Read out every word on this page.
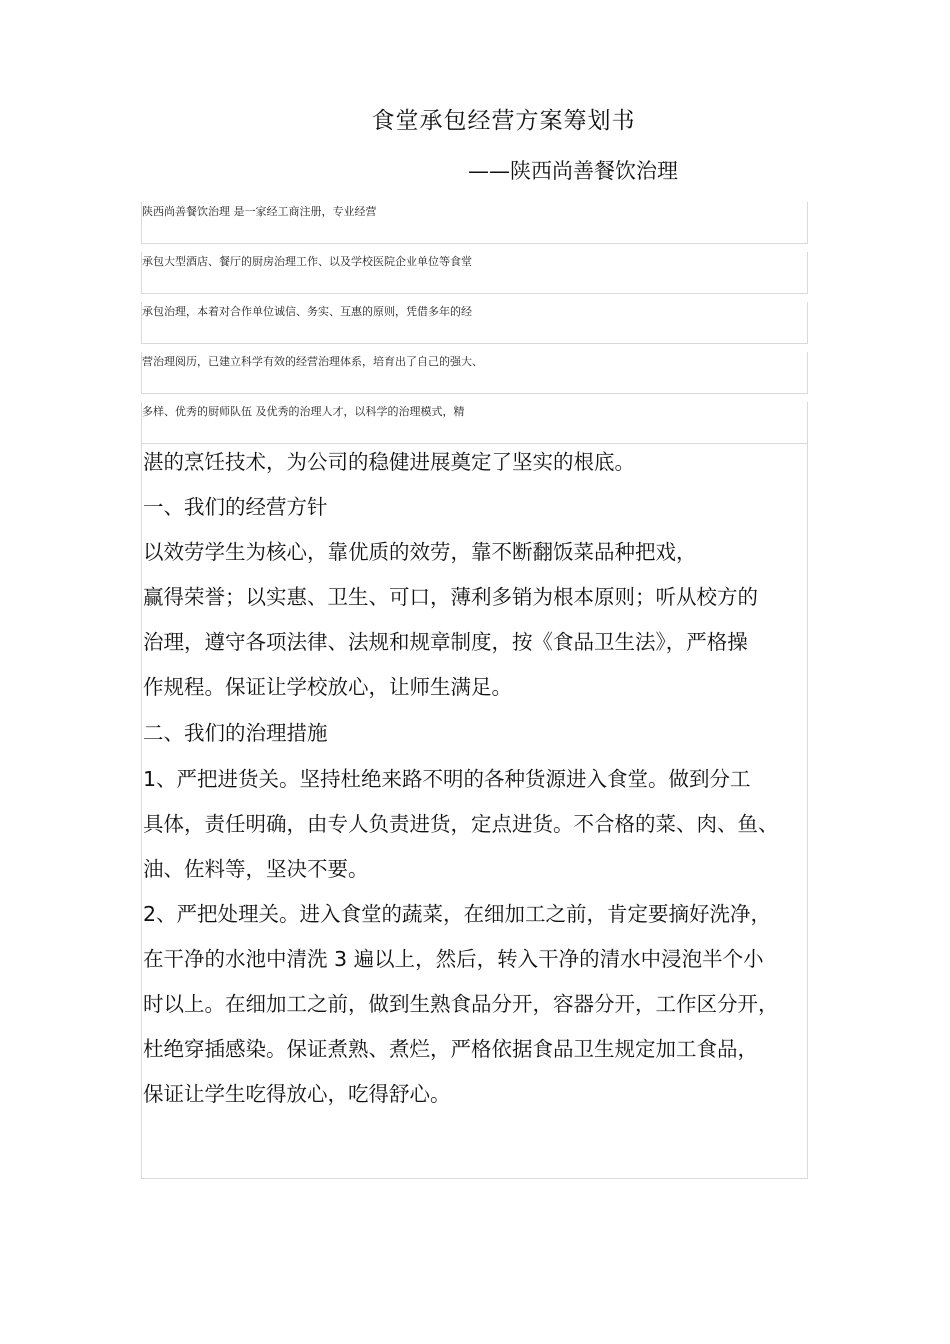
食堂承包经营方案筹划书
——陕西尚善餐饮治理
陕西尚善餐饮治理 是一家经工商注册，专业经营
承包大型酒店、餐厅的厨房治理工作、以及学校医院企业单位等食堂
承包治理，本着对合作单位诚信、务实、互惠的原则，凭借多年的经
营治理阅历，已建立科学有效的经营治理体系，培育出了自己的强大、
多样、优秀的厨师队伍 及优秀的治理人才，以科学的治理模式，精
湛的烹饪技术，为公司的稳健进展奠定了坚实的根底。
一、我们的经营方针
以效劳学生为核心，靠优质的效劳，靠不断翻饭菜品种把戏，
赢得荣誉；以实惠、卫生、可口，薄利多销为根本原则；听从校方的
治理，遵守各项法律、法规和规章制度，按《食品卫生法》，严格操
作规程。保证让学校放心，让师生满足。
二、我们的治理措施
1、严把进货关。坚持杜绝来路不明的各种货源进入食堂。做到分工
具体，责任明确，由专人负责进货，定点进货。不合格的菜、肉、鱼、
油、佐料等，坚决不要。
2、严把处理关。进入食堂的蔬菜，在细加工之前，肯定要摘好洗净，
在干净的水池中清洗 3 遍以上，然后，转入干净的清水中浸泡半个小
时以上。在细加工之前，做到生熟食品分开，容器分开，工作区分开，
杜绝穿插感染。保证煮熟、煮烂，严格依据食品卫生规定加工食品，
保证让学生吃得放心，吃得舒心。
